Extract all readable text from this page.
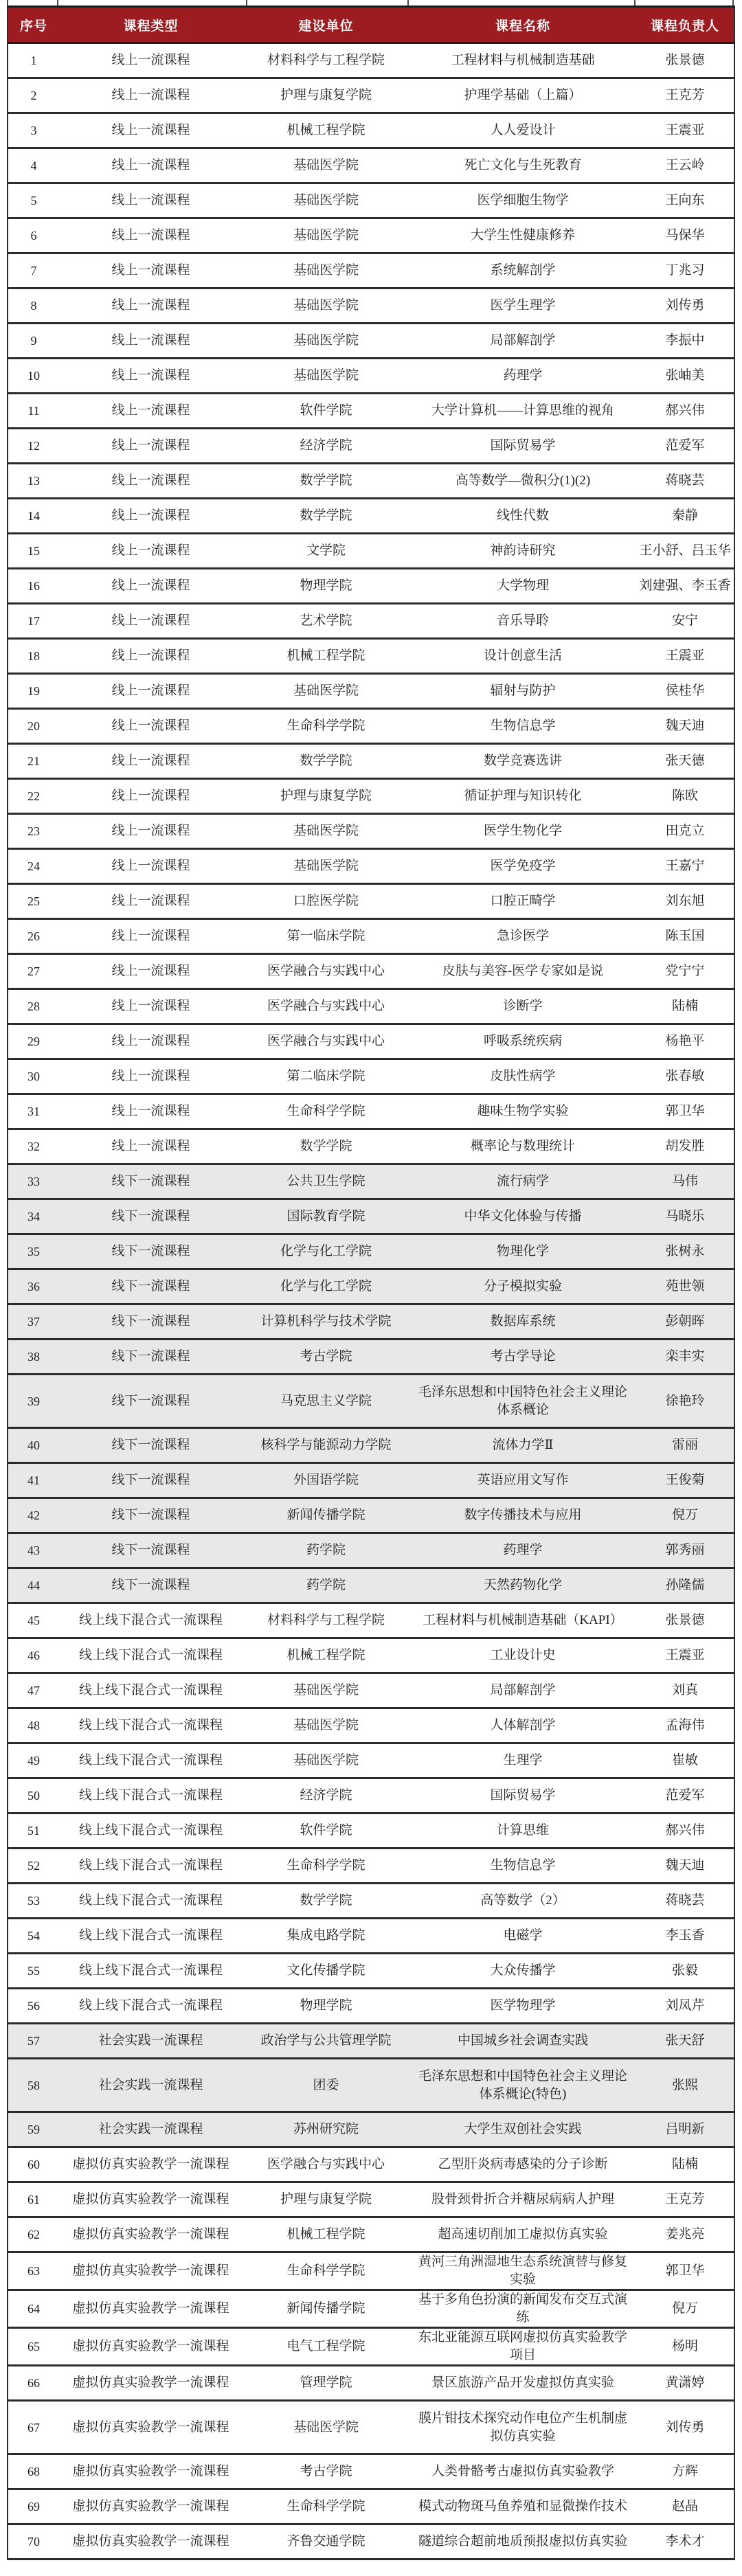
序号	课程类型	建设单位	课程名称	课程负责人
1	线上一流课程	材料科学与工程学院	工程材料与机械制造基础	张景德
2	线上一流课程	护理与康复学院	护理学基础（上篇）	王克芳
3	线上一流课程	机械工程学院	人人爱设计	王震亚
4	线上一流课程	基础医学院	死亡文化与生死教育	王云岭
5	线上一流课程	基础医学院	医学细胞生物学	王向东
6	线上一流课程	基础医学院	大学生性健康修养	马保华
7	线上一流课程	基础医学院	系统解剖学	丁兆习
8	线上一流课程	基础医学院	医学生理学	刘传勇
9	线上一流课程	基础医学院	局部解剖学	李振中
10	线上一流课程	基础医学院	药理学	张岫美
11	线上一流课程	软件学院	大学计算机——计算思维的视角	郝兴伟
12	线上一流课程	经济学院	国际贸易学	范爱军
13	线上一流课程	数学学院	高等数学—微积分(1)(2)	蒋晓芸
14	线上一流课程	数学学院	线性代数	秦静
15	线上一流课程	文学院	神韵诗研究	王小舒、吕玉华
16	线上一流课程	物理学院	大学物理	刘建强、李玉香
17	线上一流课程	艺术学院	音乐导聆	安宁
18	线上一流课程	机械工程学院	设计创意生活	王震亚
19	线上一流课程	基础医学院	辐射与防护	侯桂华
20	线上一流课程	生命科学学院	生物信息学	魏天迪
21	线上一流课程	数学学院	数学竞赛选讲	张天德
22	线上一流课程	护理与康复学院	循证护理与知识转化	陈欧
23	线上一流课程	基础医学院	医学生物化学	田克立
24	线上一流课程	基础医学院	医学免疫学	王嘉宁
25	线上一流课程	口腔医学院	口腔正畸学	刘东旭
26	线上一流课程	第一临床学院	急诊医学	陈玉国
27	线上一流课程	医学融合与实践中心	皮肤与美容-医学专家如是说	党宁宁
28	线上一流课程	医学融合与实践中心	诊断学	陆楠
29	线上一流课程	医学融合与实践中心	呼吸系统疾病	杨艳平
30	线上一流课程	第二临床学院	皮肤性病学	张春敏
31	线上一流课程	生命科学学院	趣味生物学实验	郭卫华
32	线上一流课程	数学学院	概率论与数理统计	胡发胜
33	线下一流课程	公共卫生学院	流行病学	马伟
34	线下一流课程	国际教育学院	中华文化体验与传播	马晓乐
35	线下一流课程	化学与化工学院	物理化学	张树永
36	线下一流课程	化学与化工学院	分子模拟实验	苑世领
37	线下一流课程	计算机科学与技术学院	数据库系统	彭朝晖
38	线下一流课程	考古学院	考古学导论	栾丰实
39	线下一流课程	马克思主义学院	毛泽东思想和中国特色社会主义理论体系概论	徐艳玲
40	线下一流课程	核科学与能源动力学院	流体力学Ⅱ	雷丽
41	线下一流课程	外国语学院	英语应用文写作	王俊菊
42	线下一流课程	新闻传播学院	数字传播技术与应用	倪万
43	线下一流课程	药学院	药理学	郭秀丽
44	线下一流课程	药学院	天然药物化学	孙隆儒
45	线上线下混合式一流课程	材料科学与工程学院	工程材料与机械制造基础（KAPI）	张景德
46	线上线下混合式一流课程	机械工程学院	工业设计史	王震亚
47	线上线下混合式一流课程	基础医学院	局部解剖学	刘真
48	线上线下混合式一流课程	基础医学院	人体解剖学	孟海伟
49	线上线下混合式一流课程	基础医学院	生理学	崔敏
50	线上线下混合式一流课程	经济学院	国际贸易学	范爱军
51	线上线下混合式一流课程	软件学院	计算思维	郝兴伟
52	线上线下混合式一流课程	生命科学学院	生物信息学	魏天迪
53	线上线下混合式一流课程	数学学院	高等数学（2）	蒋晓芸
54	线上线下混合式一流课程	集成电路学院	电磁学	李玉香
55	线上线下混合式一流课程	文化传播学院	大众传播学	张毅
56	线上线下混合式一流课程	物理学院	医学物理学	刘凤芹
57	社会实践一流课程	政治学与公共管理学院	中国城乡社会调查实践	张天舒
58	社会实践一流课程	团委	毛泽东思想和中国特色社会主义理论体系概论(特色)	张熙
59	社会实践一流课程	苏州研究院	大学生双创社会实践	吕明新
60	虚拟仿真实验教学一流课程	医学融合与实践中心	乙型肝炎病毒感染的分子诊断	陆楠
61	虚拟仿真实验教学一流课程	护理与康复学院	股骨颈骨折合并糖尿病病人护理	王克芳
62	虚拟仿真实验教学一流课程	机械工程学院	超高速切削加工虚拟仿真实验	姜兆亮
63	虚拟仿真实验教学一流课程	生命科学学院	黄河三角洲湿地生态系统演替与修复实验	郭卫华
64	虚拟仿真实验教学一流课程	新闻传播学院	基于多角色扮演的新闻发布交互式演练	倪万
65	虚拟仿真实验教学一流课程	电气工程学院	东北亚能源互联网虚拟仿真实验教学项目	杨明
66	虚拟仿真实验教学一流课程	管理学院	景区旅游产品开发虚拟仿真实验	黄潇婷
67	虚拟仿真实验教学一流课程	基础医学院	膜片钳技术探究动作电位产生机制虚拟仿真实验	刘传勇
68	虚拟仿真实验教学一流课程	考古学院	人类骨骼考古虚拟仿真实验教学	方辉
69	虚拟仿真实验教学一流课程	生命科学学院	模式动物斑马鱼养殖和显微操作技术	赵晶
70	虚拟仿真实验教学一流课程	齐鲁交通学院	隧道综合超前地质预报虚拟仿真实验	李术才
